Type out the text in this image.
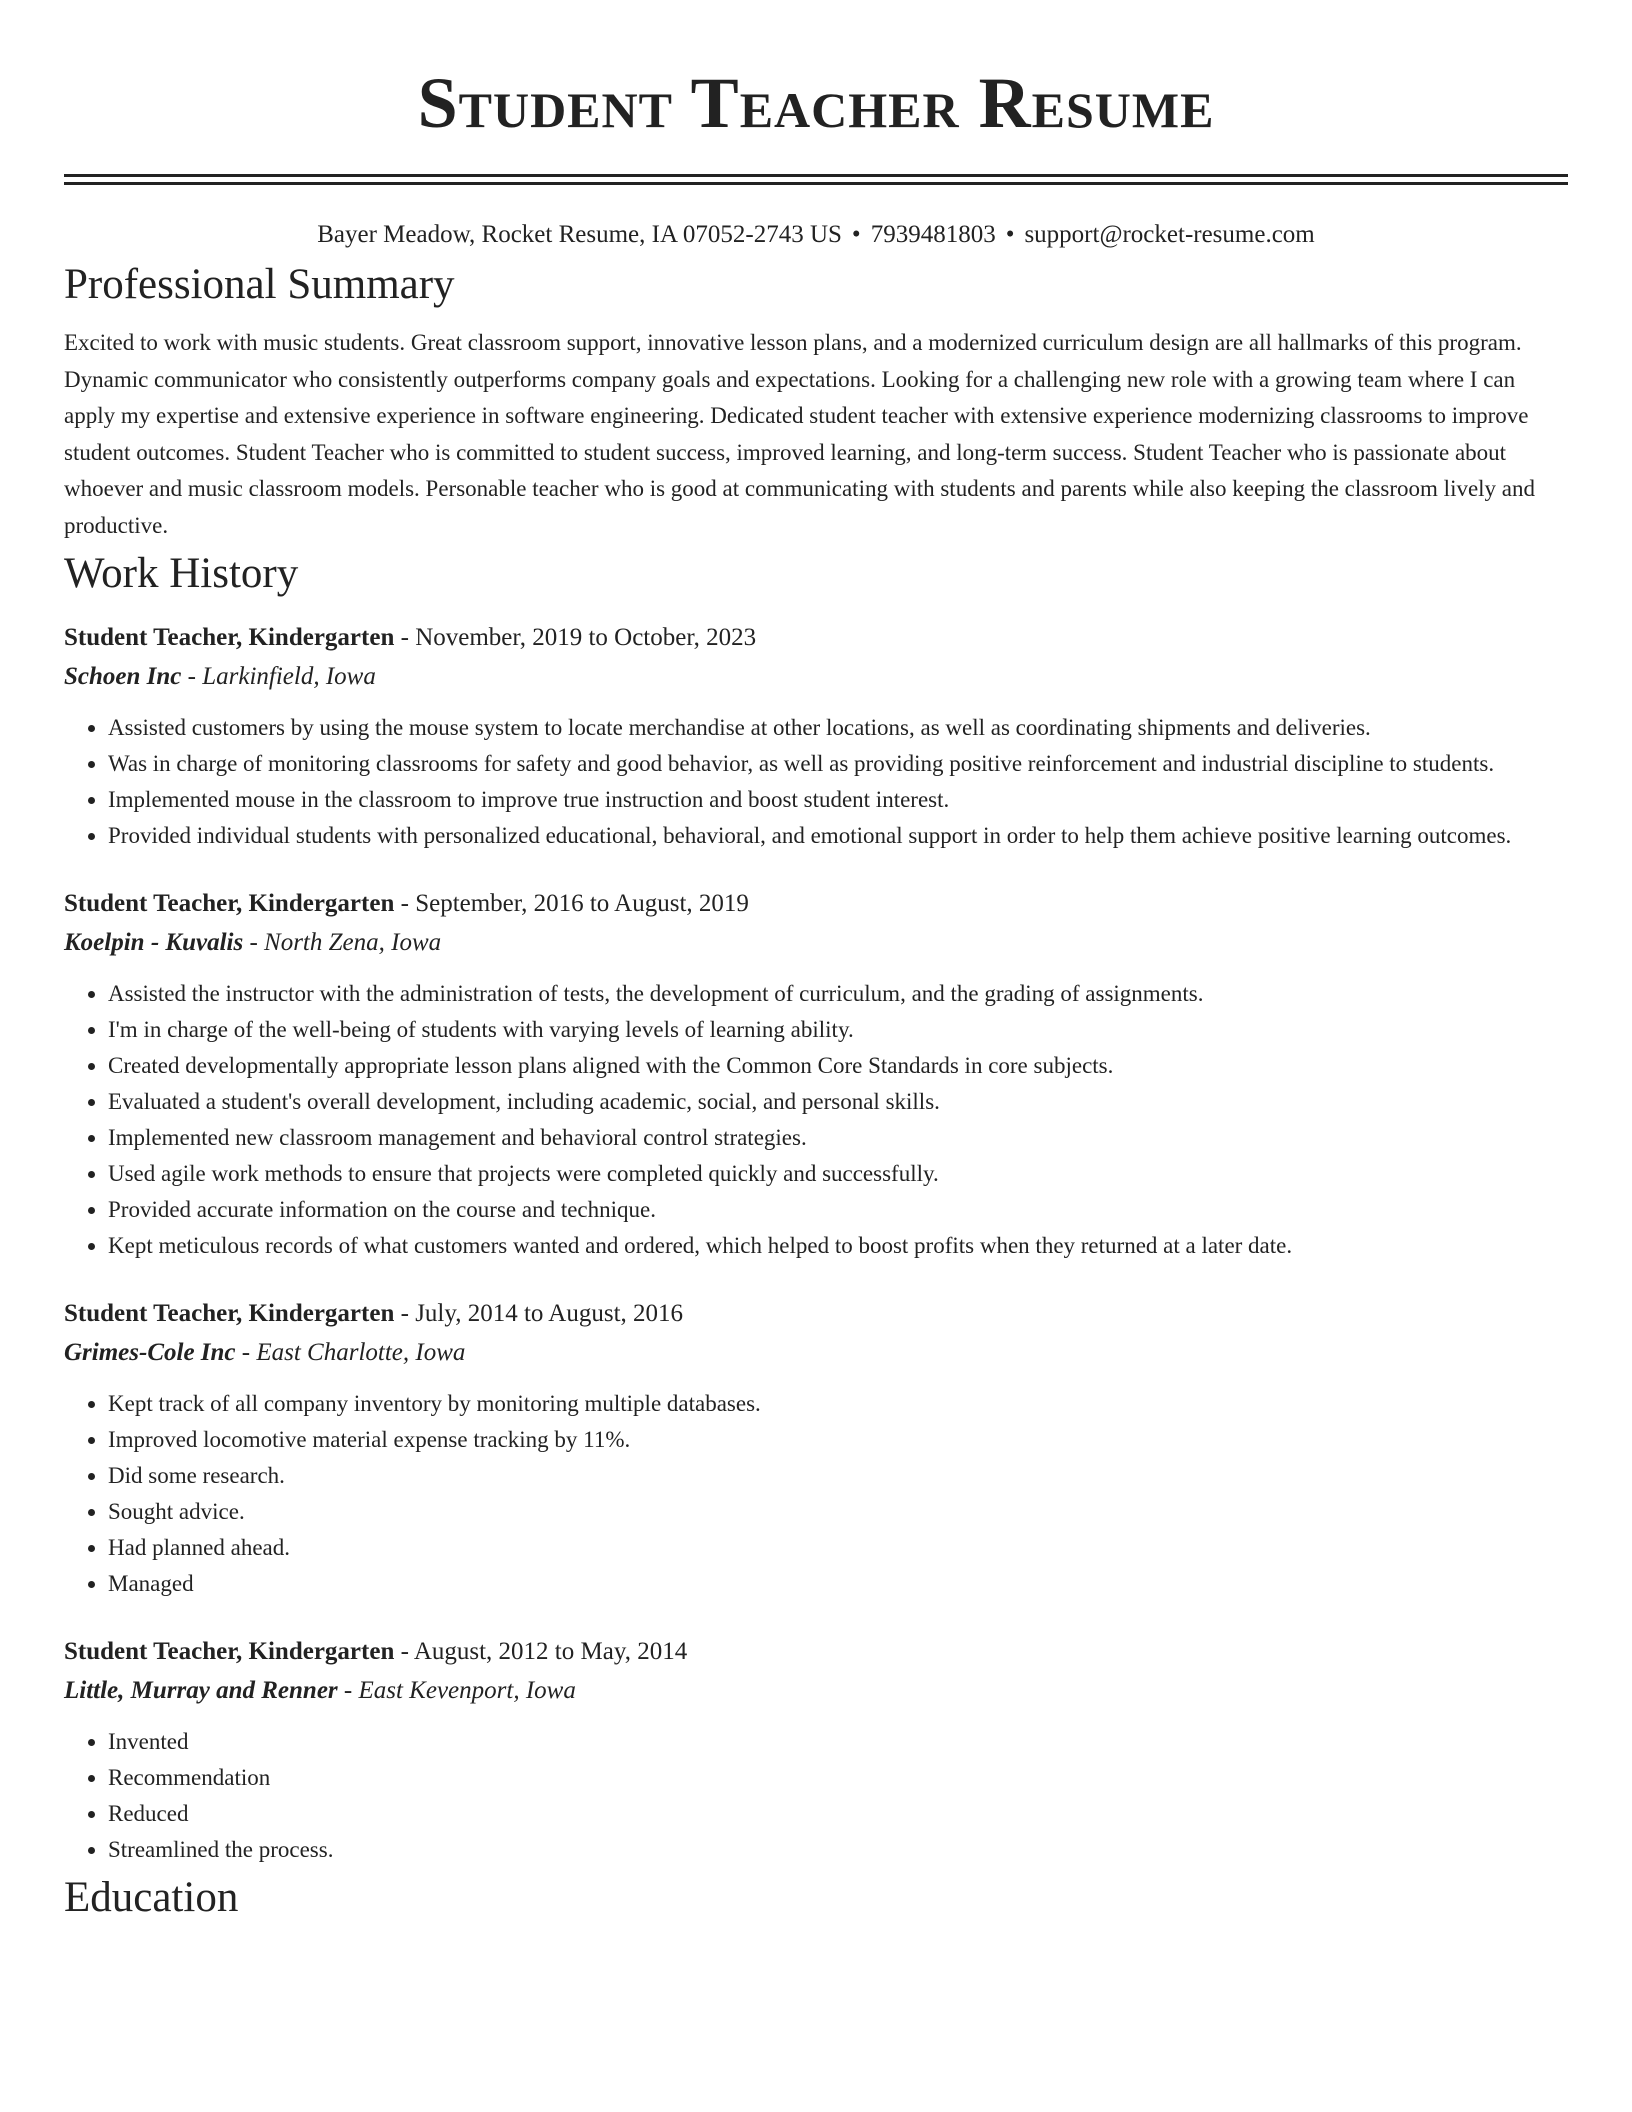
Student Teacher Resume
Bayer Meadow, Rocket Resume, IA 07052-2743 US • 7939481803 • support@rocket-resume.com
Professional Summary

Excited to work with music students. Great classroom support, innovative lesson plans, and a modernized curriculum design are all hallmarks of this program. Dynamic communicator who consistently outperforms company goals and expectations. Looking for a challenging new role with a growing team where I can apply my expertise and extensive experience in software engineering. Dedicated student teacher with extensive experience modernizing classrooms to improve student outcomes. Student Teacher who is committed to student success, improved learning, and long-term success. Student Teacher who is passionate about whoever and music classroom models. Personable teacher who is good at communicating with students and parents while also keeping the classroom lively and productive.

Work History
Student Teacher, Kindergarten - November, 2019 to October, 2023
Schoen Inc - Larkinfield, Iowa
• Assisted customers by using the mouse system to locate merchandise at other locations, as well as coordinating shipments and deliveries.
• Was in charge of monitoring classrooms for safety and good behavior, as well as providing positive reinforcement and industrial discipline to students.
• Implemented mouse in the classroom to improve true instruction and boost student interest.
• Provided individual students with personalized educational, behavioral, and emotional support in order to help them achieve positive learning outcomes.
Student Teacher, Kindergarten - September, 2016 to August, 2019
Koelpin - Kuvalis - North Zena, Iowa
• Assisted the instructor with the administration of tests, the development of curriculum, and the grading of assignments.
• I'm in charge of the well-being of students with varying levels of learning ability.
• Created developmentally appropriate lesson plans aligned with the Common Core Standards in core subjects.
• Evaluated a student's overall development, including academic, social, and personal skills.
• Implemented new classroom management and behavioral control strategies.
• Used agile work methods to ensure that projects were completed quickly and successfully.
• Provided accurate information on the course and technique.
• Kept meticulous records of what customers wanted and ordered, which helped to boost profits when they returned at a later date.
Student Teacher, Kindergarten - July, 2014 to August, 2016
Grimes-Cole Inc - East Charlotte, Iowa
• Kept track of all company inventory by monitoring multiple databases.
• Improved locomotive material expense tracking by 11%.
• Did some research.
• Sought advice.
• Had planned ahead.
• Managed
Student Teacher, Kindergarten - August, 2012 to May, 2014
Little, Murray and Renner - East Kevenport, Iowa
• Invented
• Recommendation
• Reduced
• Streamlined the process.
Education
